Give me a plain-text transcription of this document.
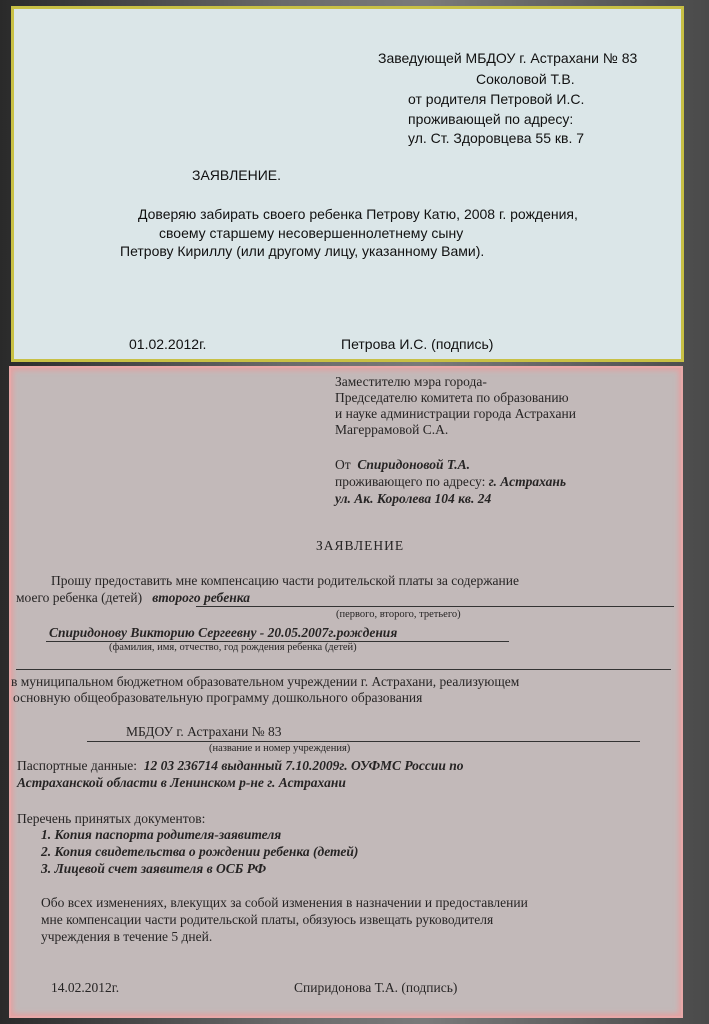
Заведующей МБДОУ г. Астрахани № 83
Соколовой Т.В.
от родителя Петровой И.С.
проживающей по адресу:
ул. Ст. Здоровцева 55 кв. 7
ЗАЯВЛЕНИЕ.
Доверяю забирать своего ребенка Петрову Катю, 2008 г. рождения,
своему старшему несовершеннолетнему сыну
Петрову Кириллу (или другому лицу, указанному Вами).
01.02.2012г.	Петрова И.С. (подпись)
Заместителю мэра города-
Председателю комитета по образованию
и науке администрации города Астрахани
Магеррамовой С.А.
От Спиридоновой Т.А.
проживающего по адресу: г. Астрахань
ул. Ак. Королева 104 кв. 24
ЗАЯВЛЕНИЕ
Прошу предоставить мне компенсацию части родительской платы за содержание
моего ребенка (детей) второго ребенка
(первого, второго, третьего)
Спиридонову Викторию Сергеевну - 20.05.2007г.рождения
(фамилия, имя, отчество, год рождения ребенка (детей)
в муниципальном бюджетном образовательном учреждении г. Астрахани, реализующем
основную общеобразовательную программу дошкольного образования
МБДОУ г. Астрахани № 83
(название и номер учреждения)
Паспортные данные: 12 03 236714 выданный 7.10.2009г. ОУФМС России по
Астраханской области в Ленинском р-не г. Астрахани
Перечень принятых документов:
1. Копия паспорта родителя-заявителя
2. Копия свидетельства о рождении ребенка (детей)
3. Лицевой счет заявителя в ОСБ РФ
Обо всех изменениях, влекущих за собой изменения в назначении и предоставлении
мне компенсации части родительской платы, обязуюсь извещать руководителя
учреждения в течение 5 дней.
14.02.2012г.	Спиридонова Т.А. (подпись)
